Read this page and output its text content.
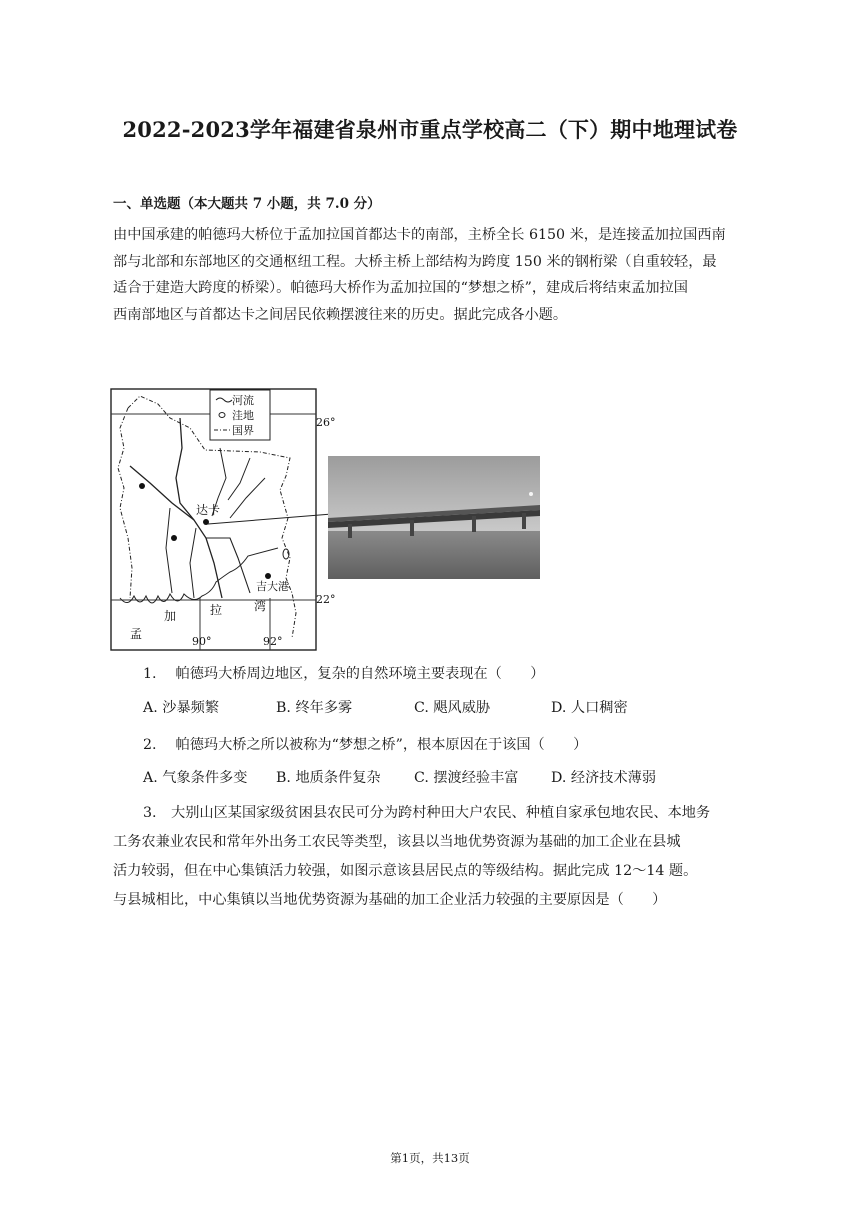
2022-2023学年福建省泉州市重点学校高二（下）期中地理试卷
一、单选题（本大题共 7 小题，共 7.0 分）
由中国承建的帕德玛大桥位于孟加拉国首都达卡的南部，主桥全长 6150 米，是连接孟加拉国西南
部与北部和东部地区的交通枢纽工程。大桥主桥上部结构为跨度 150 米的钢桁梁（自重较轻，最
适合于建造大跨度的桥梁）。帕德玛大桥作为孟加拉国的“梦想之桥”，建成后将结束孟加拉国
西南部地区与首都达卡之间居民依赖摆渡往来的历史。据此完成各小题。
河流
洼地
国界
达卡
吉大港
26°
22°
90°	92°
孟
加	拉	湾
1. 帕德玛大桥周边地区，复杂的自然环境主要表现在（　　）
A. 沙暴频繁	B. 终年多雾	C. 飓风威胁	D. 人口稠密
2. 帕德玛大桥之所以被称为“梦想之桥”，根本原因在于该国（　　）
A. 气象条件多变 B. 地质条件复杂 C. 摆渡经验丰富 D. 经济技术薄弱
3. 大别山区某国家级贫困县农民可分为跨村种田大户农民、种植自家承包地农民、本地务
工务农兼业农民和常年外出务工农民等类型，该县以当地优势资源为基础的加工企业在县城
活力较弱，但在中心集镇活力较强，如图示意该县居民点的等级结构。据此完成 12～14 题。
与县城相比，中心集镇以当地优势资源为基础的加工企业活力较强的主要原因是（　　）
第1页，共13页
